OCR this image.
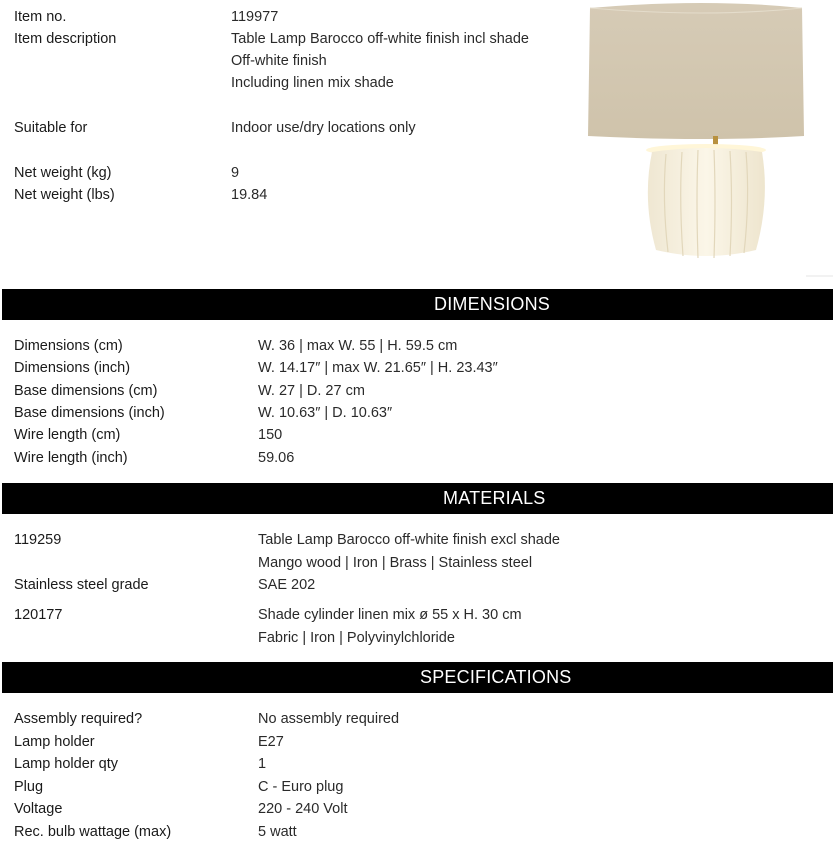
Item no.	119977
Item description	Table Lamp Barocco off-white finish incl shade
Off-white finish
Including linen mix shade
Suitable for	Indoor use/dry locations only
Net weight (kg)	9
Net weight (lbs)	19.84
DIMENSIONS
Dimensions (cm)	W. 36 | max W. 55 | H. 59.5 cm
Dimensions (inch)	W. 14.17″ | max W. 21.65″ | H. 23.43″
Base dimensions (cm)	W. 27 | D. 27 cm
Base dimensions (inch)	W. 10.63″ | D. 10.63″
Wire length (cm)	150
Wire length (inch)	59.06
MATERIALS
119259	Table Lamp Barocco off-white finish excl shade
Mango wood | Iron | Brass | Stainless steel
Stainless steel grade	SAE 202
120177	Shade cylinder linen mix ø 55 x H. 30 cm
Fabric | Iron | Polyvinylchloride
SPECIFICATIONS
Assembly required?	No assembly required
Lamp holder	E27
Lamp holder qty	1
Plug	C - Euro plug
Voltage	220 - 240 Volt
Rec. bulb wattage (max)	5 watt
